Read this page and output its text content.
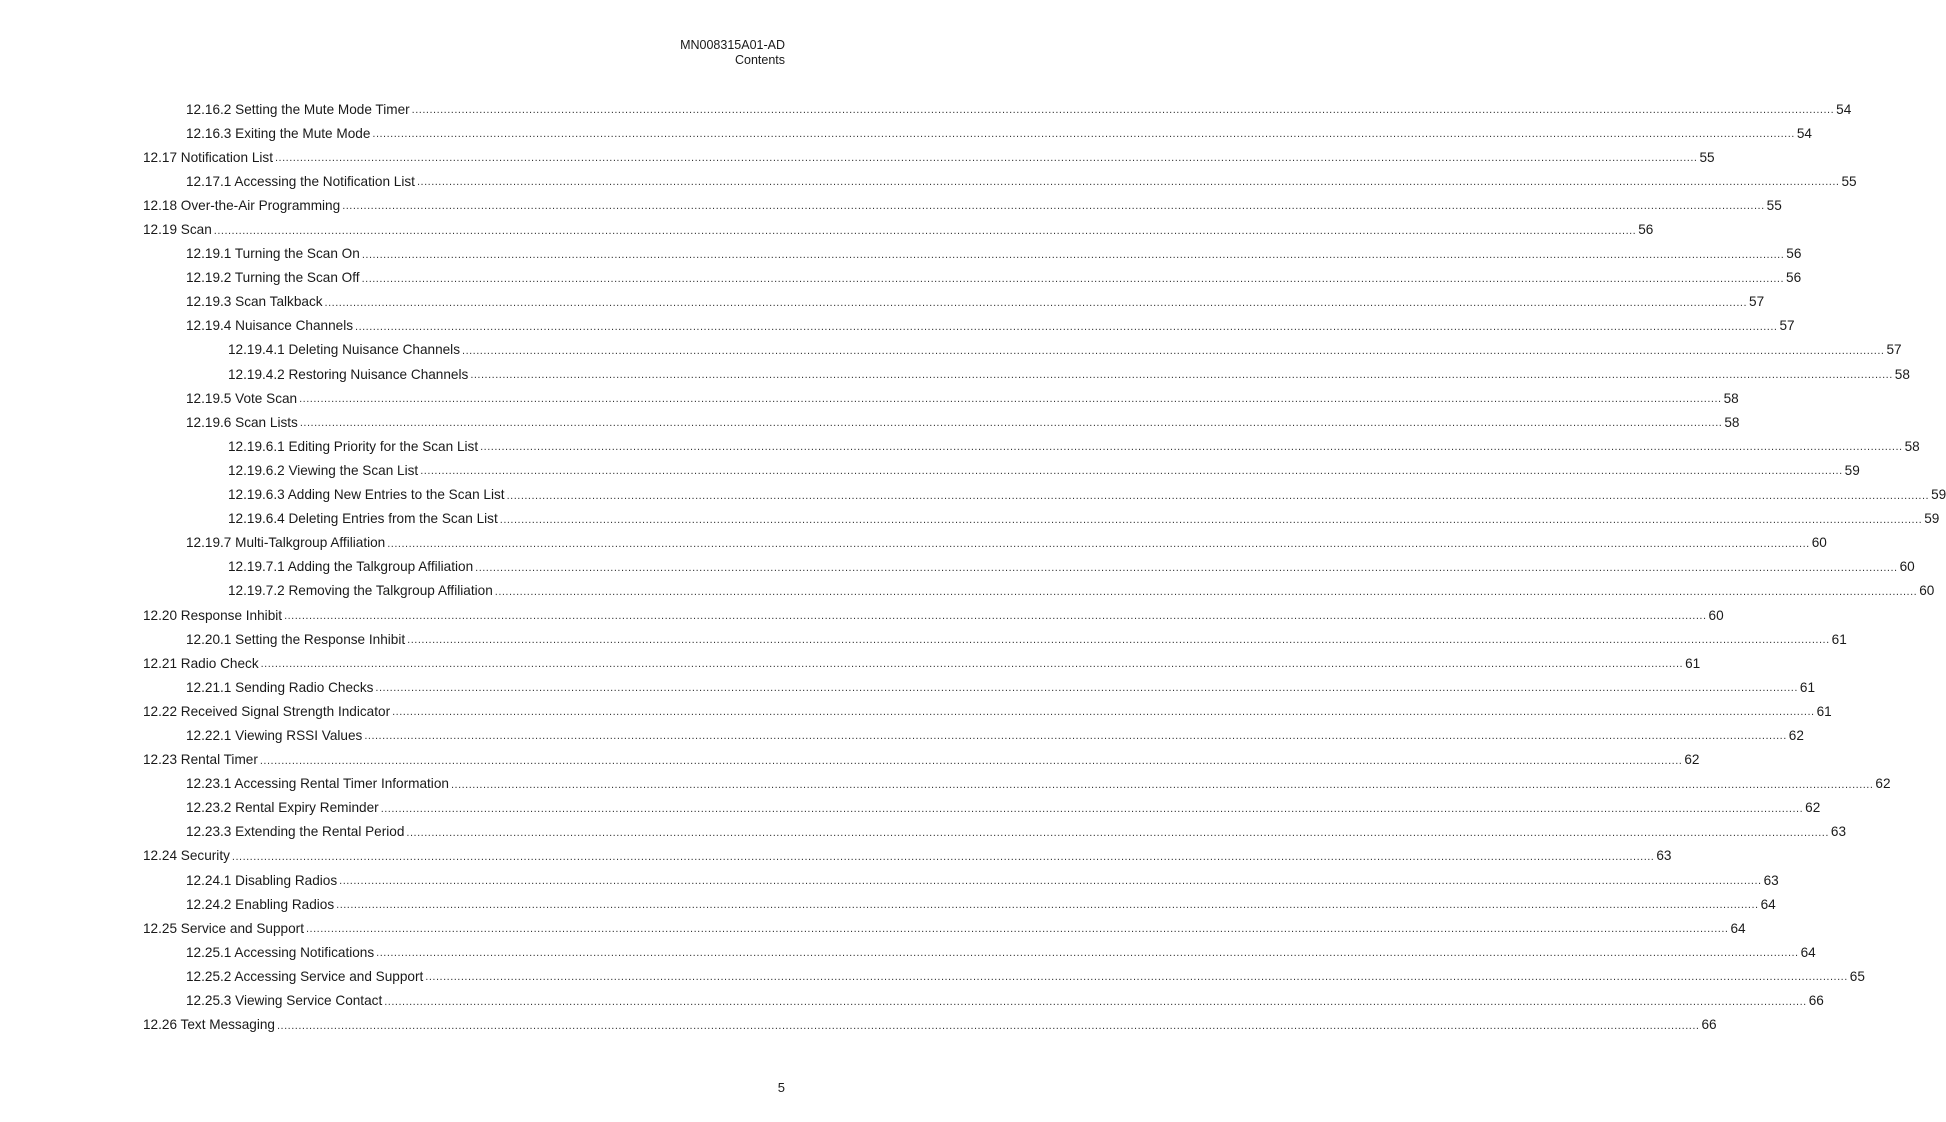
MN008315A01-AD
Contents
12.16.2 Setting the Mute Mode Timer ................................................................................................................................................................................................................................................................................................................................................................................................................ 54
12.16.3 Exiting the Mute Mode ................................................................................................................................................................................................................................................................................................................................................................................................................ 54
12.17 Notification List ................................................................................................................................................................................................................................................................................................................................................................................................................ 55
12.17.1 Accessing the Notification List ................................................................................................................................................................................................................................................................................................................................................................................................................ 55
12.18 Over-the-Air Programming ................................................................................................................................................................................................................................................................................................................................................................................................................ 55
12.19 Scan ................................................................................................................................................................................................................................................................................................................................................................................................................ 56
12.19.1 Turning the Scan On ................................................................................................................................................................................................................................................................................................................................................................................................................ 56
12.19.2 Turning the Scan Off ................................................................................................................................................................................................................................................................................................................................................................................................................ 56
12.19.3 Scan Talkback ................................................................................................................................................................................................................................................................................................................................................................................................................ 57
12.19.4 Nuisance Channels ................................................................................................................................................................................................................................................................................................................................................................................................................ 57
12.19.4.1 Deleting Nuisance Channels ................................................................................................................................................................................................................................................................................................................................................................................................................ 57
12.19.4.2 Restoring Nuisance Channels ................................................................................................................................................................................................................................................................................................................................................................................................................ 58
12.19.5 Vote Scan ................................................................................................................................................................................................................................................................................................................................................................................................................ 58
12.19.6 Scan Lists ................................................................................................................................................................................................................................................................................................................................................................................................................ 58
12.19.6.1 Editing Priority for the Scan List ................................................................................................................................................................................................................................................................................................................................................................................................................ 58
12.19.6.2 Viewing the Scan List ................................................................................................................................................................................................................................................................................................................................................................................................................ 59
12.19.6.3 Adding New Entries to the Scan List ................................................................................................................................................................................................................................................................................................................................................................................................................ 59
12.19.6.4 Deleting Entries from the Scan List ................................................................................................................................................................................................................................................................................................................................................................................................................ 59
12.19.7 Multi-Talkgroup Affiliation ................................................................................................................................................................................................................................................................................................................................................................................................................ 60
12.19.7.1 Adding the Talkgroup Affiliation ................................................................................................................................................................................................................................................................................................................................................................................................................ 60
12.19.7.2 Removing the Talkgroup Affiliation ................................................................................................................................................................................................................................................................................................................................................................................................................ 60
12.20 Response Inhibit ................................................................................................................................................................................................................................................................................................................................................................................................................ 60
12.20.1 Setting the Response Inhibit ................................................................................................................................................................................................................................................................................................................................................................................................................ 61
12.21 Radio Check ................................................................................................................................................................................................................................................................................................................................................................................................................ 61
12.21.1 Sending Radio Checks ................................................................................................................................................................................................................................................................................................................................................................................................................ 61
12.22 Received Signal Strength Indicator ................................................................................................................................................................................................................................................................................................................................................................................................................ 61
12.22.1 Viewing RSSI Values ................................................................................................................................................................................................................................................................................................................................................................................................................ 62
12.23 Rental Timer ................................................................................................................................................................................................................................................................................................................................................................................................................ 62
12.23.1 Accessing Rental Timer Information ................................................................................................................................................................................................................................................................................................................................................................................................................ 62
12.23.2 Rental Expiry Reminder ................................................................................................................................................................................................................................................................................................................................................................................................................ 62
12.23.3 Extending the Rental Period ................................................................................................................................................................................................................................................................................................................................................................................................................ 63
12.24 Security ................................................................................................................................................................................................................................................................................................................................................................................................................ 63
12.24.1 Disabling Radios ................................................................................................................................................................................................................................................................................................................................................................................................................ 63
12.24.2 Enabling Radios ................................................................................................................................................................................................................................................................................................................................................................................................................ 64
12.25 Service and Support ................................................................................................................................................................................................................................................................................................................................................................................................................ 64
12.25.1 Accessing Notifications ................................................................................................................................................................................................................................................................................................................................................................................................................ 64
12.25.2 Accessing Service and Support ................................................................................................................................................................................................................................................................................................................................................................................................................ 65
12.25.3 Viewing Service Contact ................................................................................................................................................................................................................................................................................................................................................................................................................ 66
12.26 Text Messaging ................................................................................................................................................................................................................................................................................................................................................................................................................ 66
5
